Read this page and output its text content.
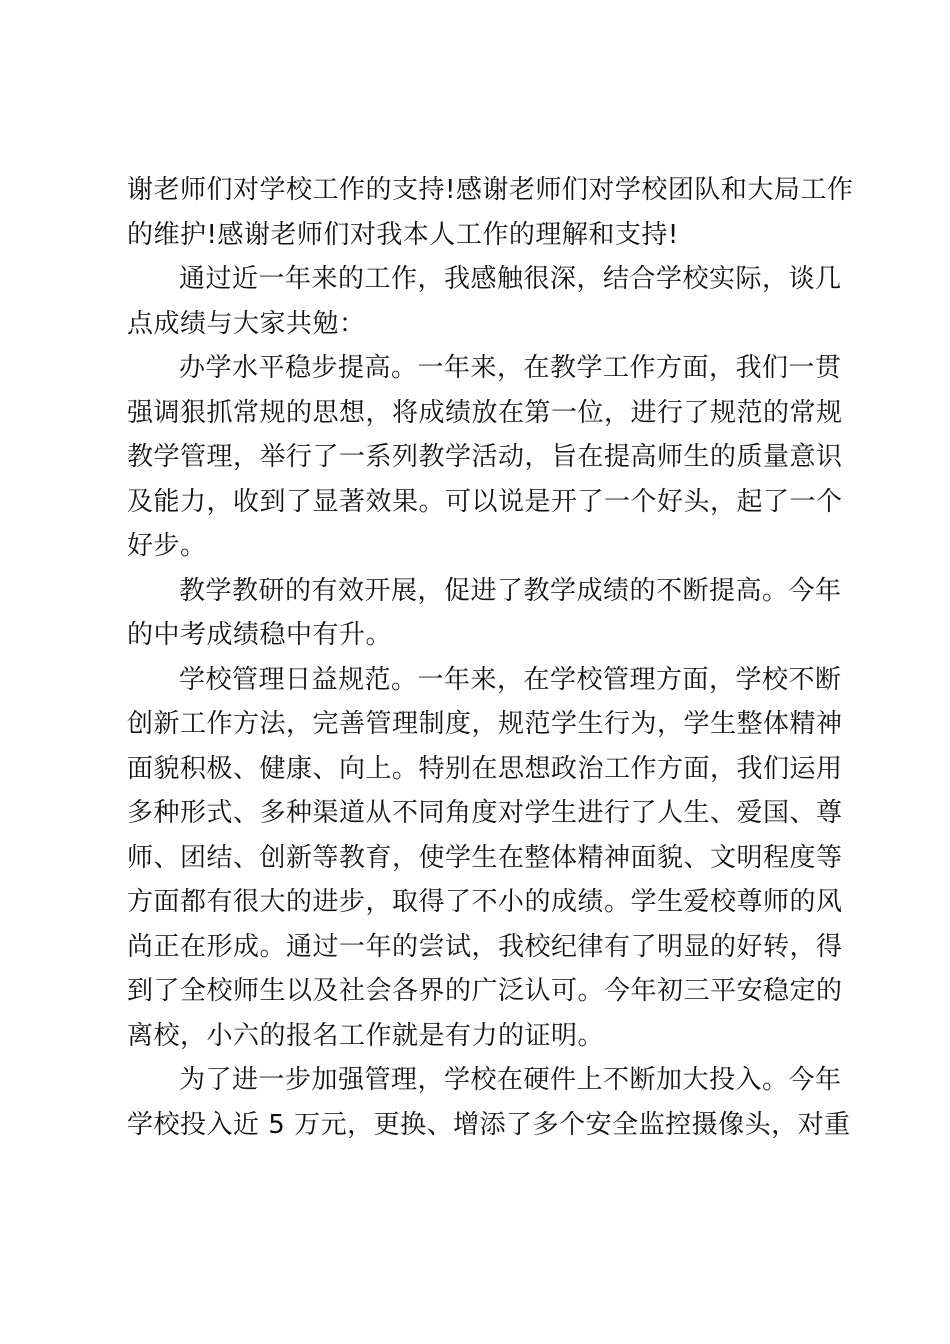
谢老师们对学校工作的支持!感谢老师们对学校团队和大局工作
的维护!感谢老师们对我本人工作的理解和支持!
通过近一年来的工作，我感触很深，结合学校实际，谈几
点成绩与大家共勉：
办学水平稳步提高。一年来，在教学工作方面，我们一贯
强调狠抓常规的思想，将成绩放在第一位，进行了规范的常规
教学管理，举行了一系列教学活动，旨在提高师生的质量意识
及能力，收到了显著效果。可以说是开了一个好头，起了一个
好步。
教学教研的有效开展，促进了教学成绩的不断提高。今年
的中考成绩稳中有升。
学校管理日益规范。一年来，在学校管理方面，学校不断
创新工作方法，完善管理制度，规范学生行为，学生整体精神
面貌积极、健康、向上。特别在思想政治工作方面，我们运用
多种形式、多种渠道从不同角度对学生进行了人生、爱国、尊
师、团结、创新等教育，使学生在整体精神面貌、文明程度等
方面都有很大的进步，取得了不小的成绩。学生爱校尊师的风
尚正在形成。通过一年的尝试，我校纪律有了明显的好转，得
到了全校师生以及社会各界的广泛认可。今年初三平安稳定的
离校，小六的报名工作就是有力的证明。
为了进一步加强管理，学校在硬件上不断加大投入。今年
学校投入近 5 万元，更换、增添了多个安全监控摄像头，对重
